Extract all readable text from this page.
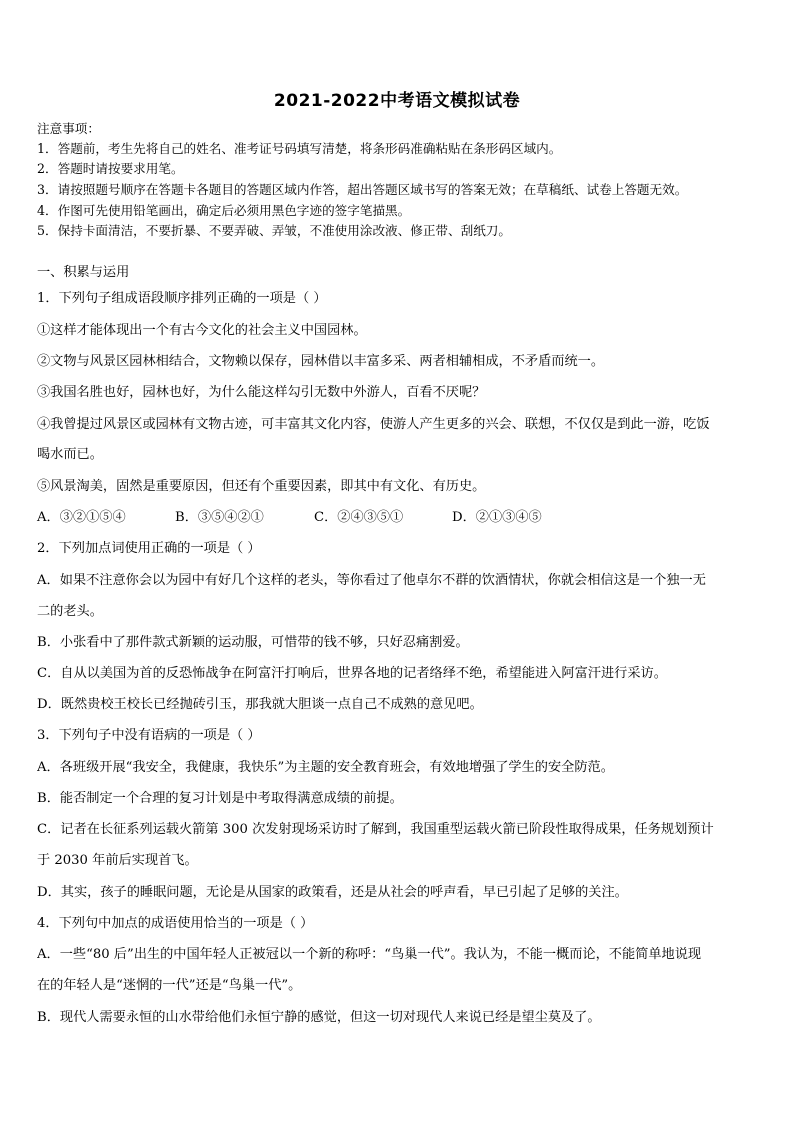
2021-2022中考语文模拟试卷
注意事项：
1．答题前，考生先将自己的姓名、准考证号码填写清楚，将条形码准确粘贴在条形码区域内。
2．答题时请按要求用笔。
3．请按照题号顺序在答题卡各题目的答题区域内作答，超出答题区域书写的答案无效；在草稿纸、试卷上答题无效。
4．作图可先使用铅笔画出，确定后必须用黑色字迹的签字笔描黑。
5．保持卡面清洁，不要折暴、不要弄破、弄皱，不准使用涂改液、修正带、刮纸刀。
一、积累与运用
1．下列句子组成语段顺序排列正确的一项是（ ）
①这样才能体现出一个有古今文化的社会主义中国园林。
②文物与风景区园林相结合，文物赖以保存，园林借以丰富多采、两者相辅相成，不矛盾而统一。
③我国名胜也好，园林也好，为什么能这样勾引无数中外游人，百看不厌呢？
④我曾提过风景区或园林有文物古迹，可丰富其文化内容，使游人产生更多的兴会、联想，不仅仅是到此一游，吃饭
喝水而已。
⑤风景淘美，固然是重要原因，但还有个重要因素，即其中有文化、有历史。
A．③②①⑤④	B．③⑤④②①	C．②④③⑤①	D．②①③④⑤
2．下列加点词使用正确的一项是（ ）
A．如果不注意你会以为园中有好几个这样的老头，等你看过了他卓尔不群的饮酒情状，你就会相信这是一个独一无
二的老头。
B．小张看中了那件款式新颖的运动服，可惜带的钱不够，只好忍痛割爱。
C．自从以美国为首的反恐怖战争在阿富汗打响后，世界各地的记者络绎不绝，希望能进入阿富汗进行采访。
D．既然贵校王校长已经抛砖引玉，那我就大胆谈一点自己不成熟的意见吧。
3．下列句子中没有语病的一项是（ ）
A．各班级开展“我安全，我健康，我快乐”为主题的安全教育班会，有效地增强了学生的安全防范。
B．能否制定一个合理的复习计划是中考取得满意成绩的前提。
C．记者在长征系列运载火箭第 300 次发射现场采访时了解到，我国重型运载火箭已阶段性取得成果，任务规划预计
于 2030 年前后实现首飞。
D．其实，孩子的睡眠问题，无论是从国家的政策看，还是从社会的呼声看，早已引起了足够的关注。
4．下列句中加点的成语使用恰当的一项是（ ）
A．一些“80 后”出生的中国年轻人正被冠以一个新的称呼：“鸟巢一代”。我认为，不能一概而论，不能简单地说现
在的年轻人是“迷惘的一代”还是“鸟巢一代”。
B．现代人需要永恒的山水带给他们永恒宁静的感觉，但这一切对现代人来说已经是望尘莫及了。
